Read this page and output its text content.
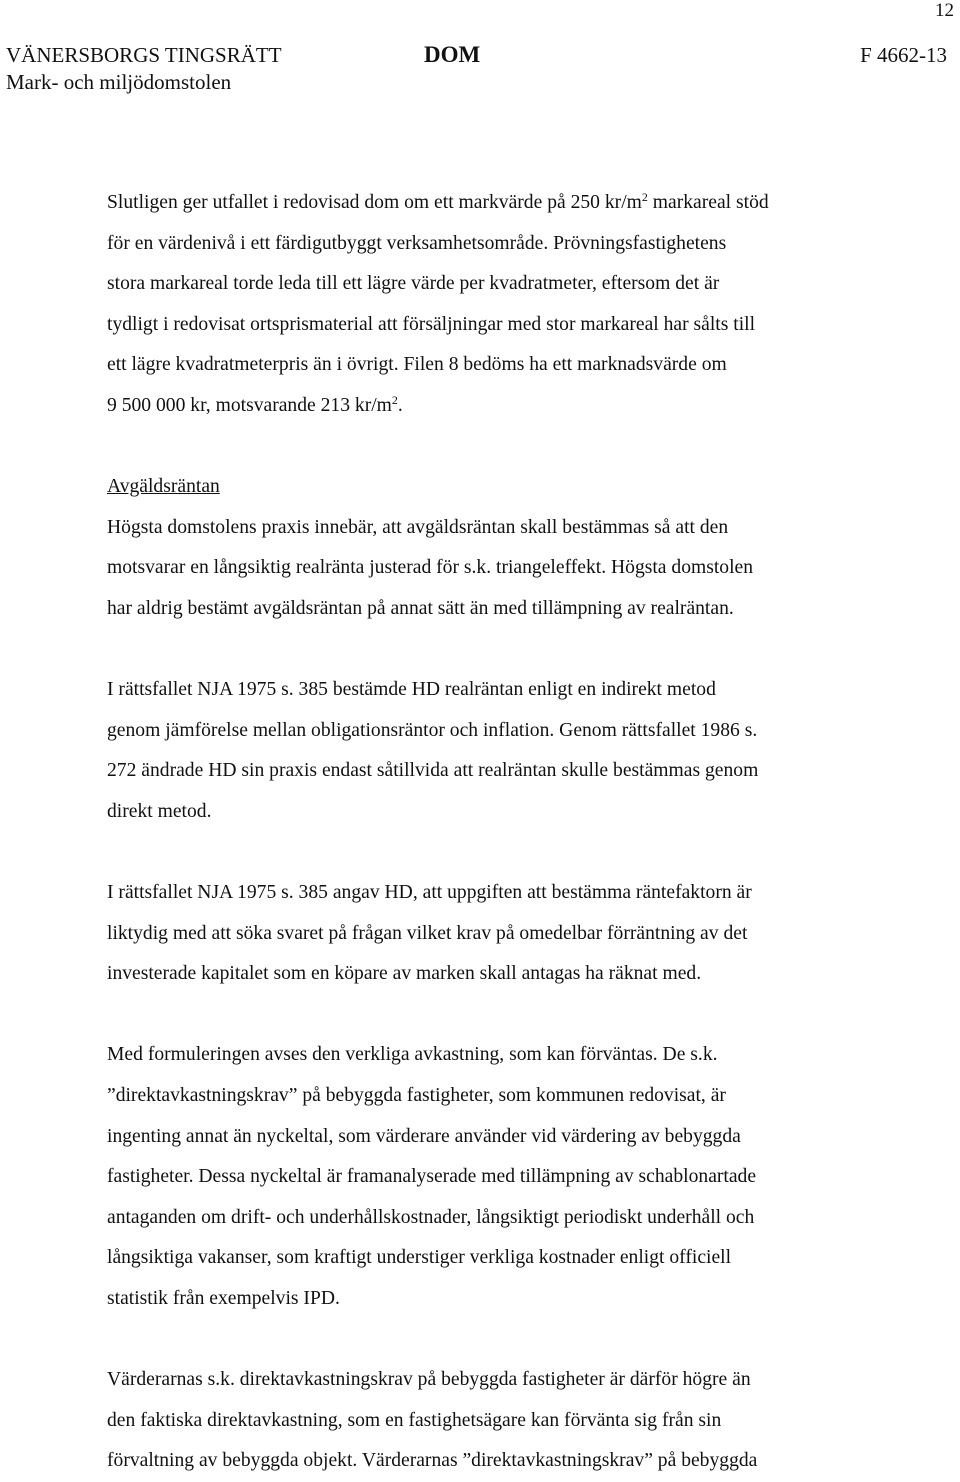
12
VÄNERSBORGS TINGSRÄTT
Mark- och miljödomstolen
DOM	F 4662-13
Slutligen ger utfallet i redovisad dom om ett markvärde på 250 $kr/m^2$ markareal stöd
för en värdenivå i ett färdigutbyggt verksamhetsområde. Prövningsfastighetens
stora markareal torde leda till ett lägre värde per kvadratmeter, eftersom det är
tydligt i redovisat ortsprismaterial att försäljningar med stor markareal har sålts till
ett lägre kvadratmeterpris än i övrigt. Filen 8 bedöms ha ett marknadsvärde om
9 500 000 kr, motsvarande 213 $kr/m^2$.
Avgäldsräntan
Högsta domstolens praxis innebär, att avgäldsräntan skall bestämmas så att den
motsvarar en långsiktig realränta justerad för s.k. triangeleffekt. Högsta domstolen
har aldrig bestämt avgäldsräntan på annat sätt än med tillämpning av realräntan.
I rättsfallet NJA 1975 s. 385 bestämde HD realräntan enligt en indirekt metod
genom jämförelse mellan obligationsräntor och inflation. Genom rättsfallet 1986 s.
272 ändrade HD sin praxis endast såtillvida att realräntan skulle bestämmas genom
direkt metod.
I rättsfallet NJA 1975 s. 385 angav HD, att uppgiften att bestämma räntefaktorn är
liktydig med att söka svaret på frågan vilket krav på omedelbar förräntning av det
investerade kapitalet som en köpare av marken skall antagas ha räknat med.
Med formuleringen avses den verkliga avkastning, som kan förväntas. De s.k.
”direktavkastningskrav” på bebyggda fastigheter, som kommunen redovisat, är
ingenting annat än nyckeltal, som värderare använder vid värdering av bebyggda
fastigheter. Dessa nyckeltal är framanalyserade med tillämpning av schablonartade
antaganden om drift- och underhållskostnader, långsiktigt periodiskt underhåll och
långsiktiga vakanser, som kraftigt understiger verkliga kostnader enligt officiell
statistik från exempelvis IPD.
Värderarnas s.k. direktavkastningskrav på bebyggda fastigheter är därför högre än
den faktiska direktavkastning, som en fastighetsägare kan förvänta sig från sin
förvaltning av bebyggda objekt. Värderarnas ”direktavkastningskrav” på bebyggda
